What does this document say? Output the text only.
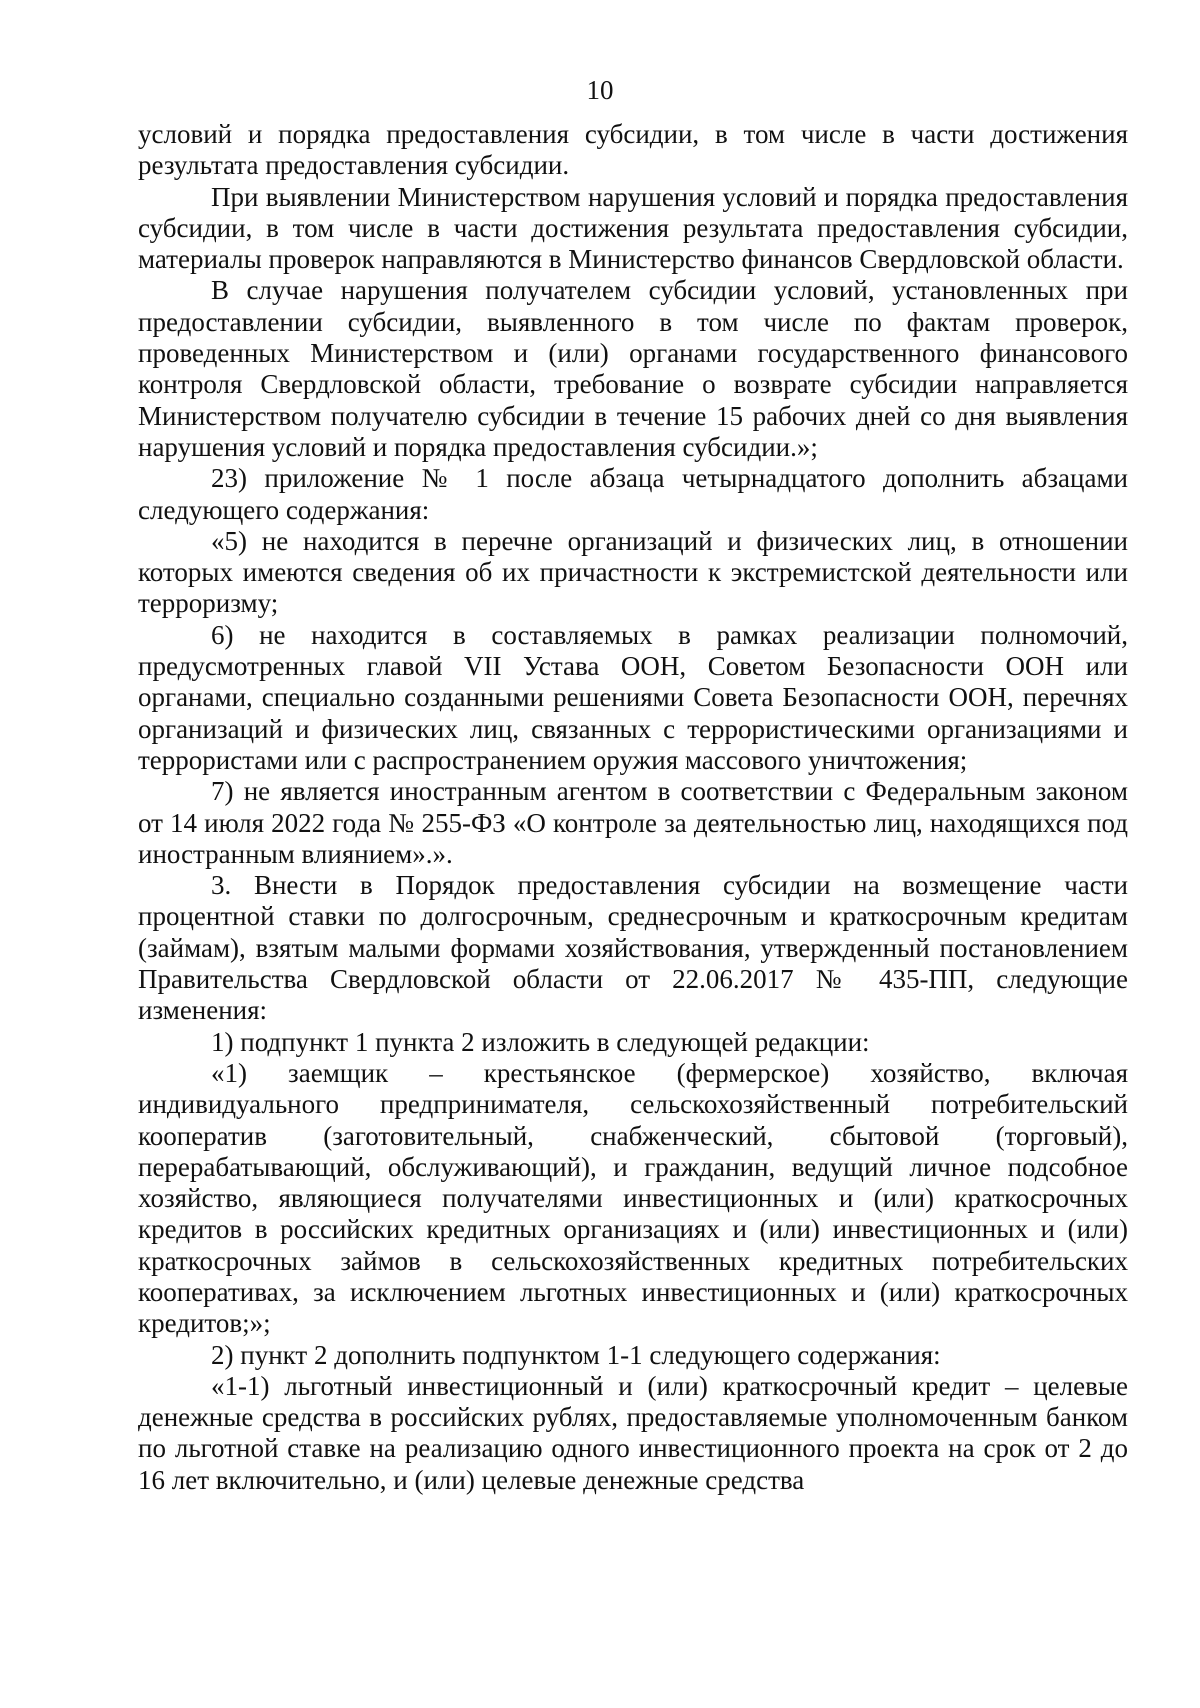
10

условий и порядка предоставления субсидии, в том числе в части достижения результата предоставления субсидии.

При выявлении Министерством нарушения условий и порядка предоставления субсидии, в том числе в части достижения результата предоставления субсидии, материалы проверок направляются в Министерство финансов Свердловской области.

В случае нарушения получателем субсидии условий, установленных при предоставлении субсидии, выявленного в том числе по фактам проверок, проведенных Министерством и (или) органами государственного финансового контроля Свердловской области, требование о возврате субсидии направляется Министерством получателю субсидии в течение 15 рабочих дней со дня выявления нарушения условий и порядка предоставления субсидии.»;

23) приложение № 1 после абзаца четырнадцатого дополнить абзацами следующего содержания:

«5) не находится в перечне организаций и физических лиц, в отношении которых имеются сведения об их причастности к экстремистской деятельности или терроризму;

6) не находится в составляемых в рамках реализации полномочий, предусмотренных главой VII Устава ООН, Советом Безопасности ООН или органами, специально созданными решениями Совета Безопасности ООН, перечнях организаций и физических лиц, связанных с террористическими организациями и террористами или с распространением оружия массового уничтожения;

7) не является иностранным агентом в соответствии с Федеральным законом от 14 июля 2022 года № 255-ФЗ «О контроле за деятельностью лиц, находящихся под иностранным влиянием».».

3. Внести в Порядок предоставления субсидии на возмещение части процентной ставки по долгосрочным, среднесрочным и краткосрочным кредитам (займам), взятым малыми формами хозяйствования, утвержденный постановлением Правительства Свердловской области от 22.06.2017 № 435-ПП, следующие изменения:

1) подпункт 1 пункта 2 изложить в следующей редакции:

«1) заемщик – крестьянское (фермерское) хозяйство, включая индивидуального предпринимателя, сельскохозяйственный потребительский кооператив (заготовительный, снабженческий, сбытовой (торговый), перерабатывающий, обслуживающий), и гражданин, ведущий личное подсобное хозяйство, являющиеся получателями инвестиционных и (или) краткосрочных кредитов в российских кредитных организациях и (или) инвестиционных и (или) краткосрочных займов в сельскохозяйственных кредитных потребительских кооперативах, за исключением льготных инвестиционных и (или) краткосрочных кредитов;»;

2) пункт 2 дополнить подпунктом 1-1 следующего содержания:

«1-1) льготный инвестиционный и (или) краткосрочный кредит – целевые денежные средства в российских рублях, предоставляемые уполномоченным банком по льготной ставке на реализацию одного инвестиционного проекта на срок от 2 до 16 лет включительно, и (или) целевые денежные средства
